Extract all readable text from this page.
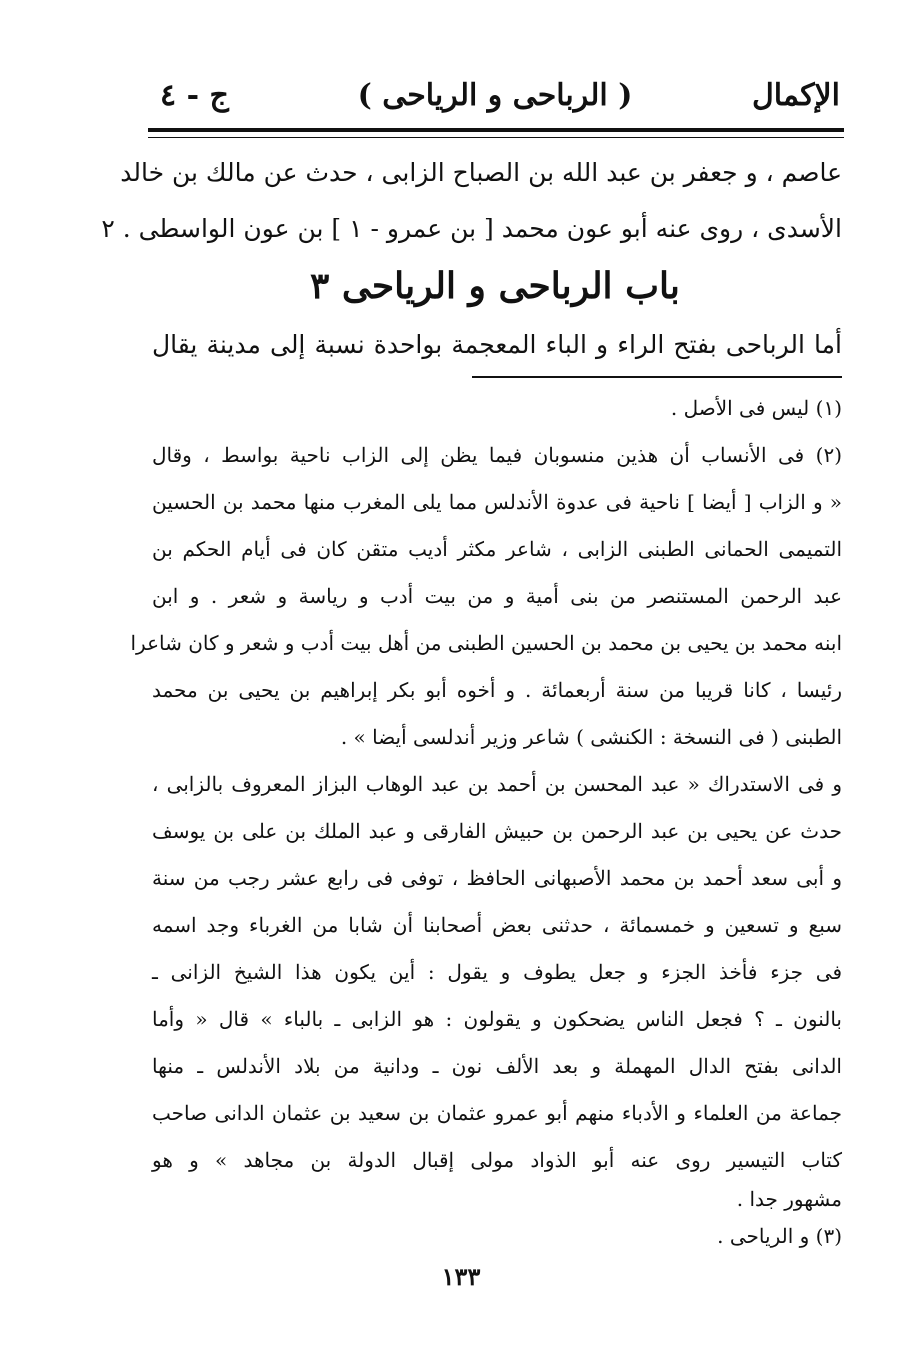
الإكمال
( الرباحى و الرياحى )
ج - ٤
عاصم ، و جعفر بن عبد الله بن الصباح الزابى ، حدث عن مالك بن خالد
الأسدى ، روى عنه أبو عون محمد [ بن عمرو - ١ ] بن عون الواسطى . ٢
باب الرباحى و الرياحى ٣
أما الرباحى بفتح الراء و الباء المعجمة بواحدة نسبة إلى مدينة يقال
(١) ليس فى الأصل .
(٢) فى الأنساب أن هذين منسوبان فيما يظن إلى الزاب ناحية بواسط ، وقال
« و الزاب [ أيضا ] ناحية فى عدوة الأندلس مما يلى المغرب منها محمد بن الحسين
التميمى الحمانى الطبنى الزابى ، شاعر مكثر أديب متقن كان فى أيام الحكم بن
عبد الرحمن المستنصر من بنى أمية و من بيت أدب و رياسة و شعر . و ابن
ابنه محمد بن يحيى بن محمد بن الحسين الطبنى من أهل بيت أدب و شعر و كان شاعرا
رئيسا ، كانا قريبا من سنة أربعمائة . و أخوه أبو بكر إبراهيم بن يحيى بن محمد
الطبنى ( فى النسخة : الكنشى ) شاعر وزير أندلسى أيضا » .
و فى الاستدراك « عبد المحسن بن أحمد بن عبد الوهاب البزاز المعروف بالزابى ،
حدث عن يحيى بن عبد الرحمن بن حبيش الفارقى و عبد الملك بن على بن يوسف
و أبى سعد أحمد بن محمد الأصبهانى الحافظ ، توفى فى رابع عشر رجب من سنة
سبع و تسعين و خمسمائة ، حدثنى بعض أصحابنا أن شابا من الغرباء وجد اسمه
فى جزء فأخذ الجزء و جعل يطوف و يقول : أين يكون هذا الشيخ الزانى ـ
بالنون ـ ؟ فجعل الناس يضحكون و يقولون : هو الزابى ـ بالباء » قال « وأما
الدانى بفتح الدال المهملة و بعد الألف نون ـ ودانية من بلاد الأندلس ـ منها
جماعة من العلماء و الأدباء منهم أبو عمرو عثمان بن سعيد بن عثمان الدانى صاحب
كتاب التيسير روى عنه أبو الذواد مولى إقبال الدولة بن مجاهد » و هو
مشهور جدا .
(٣) و الرياحى .
١٣٣
